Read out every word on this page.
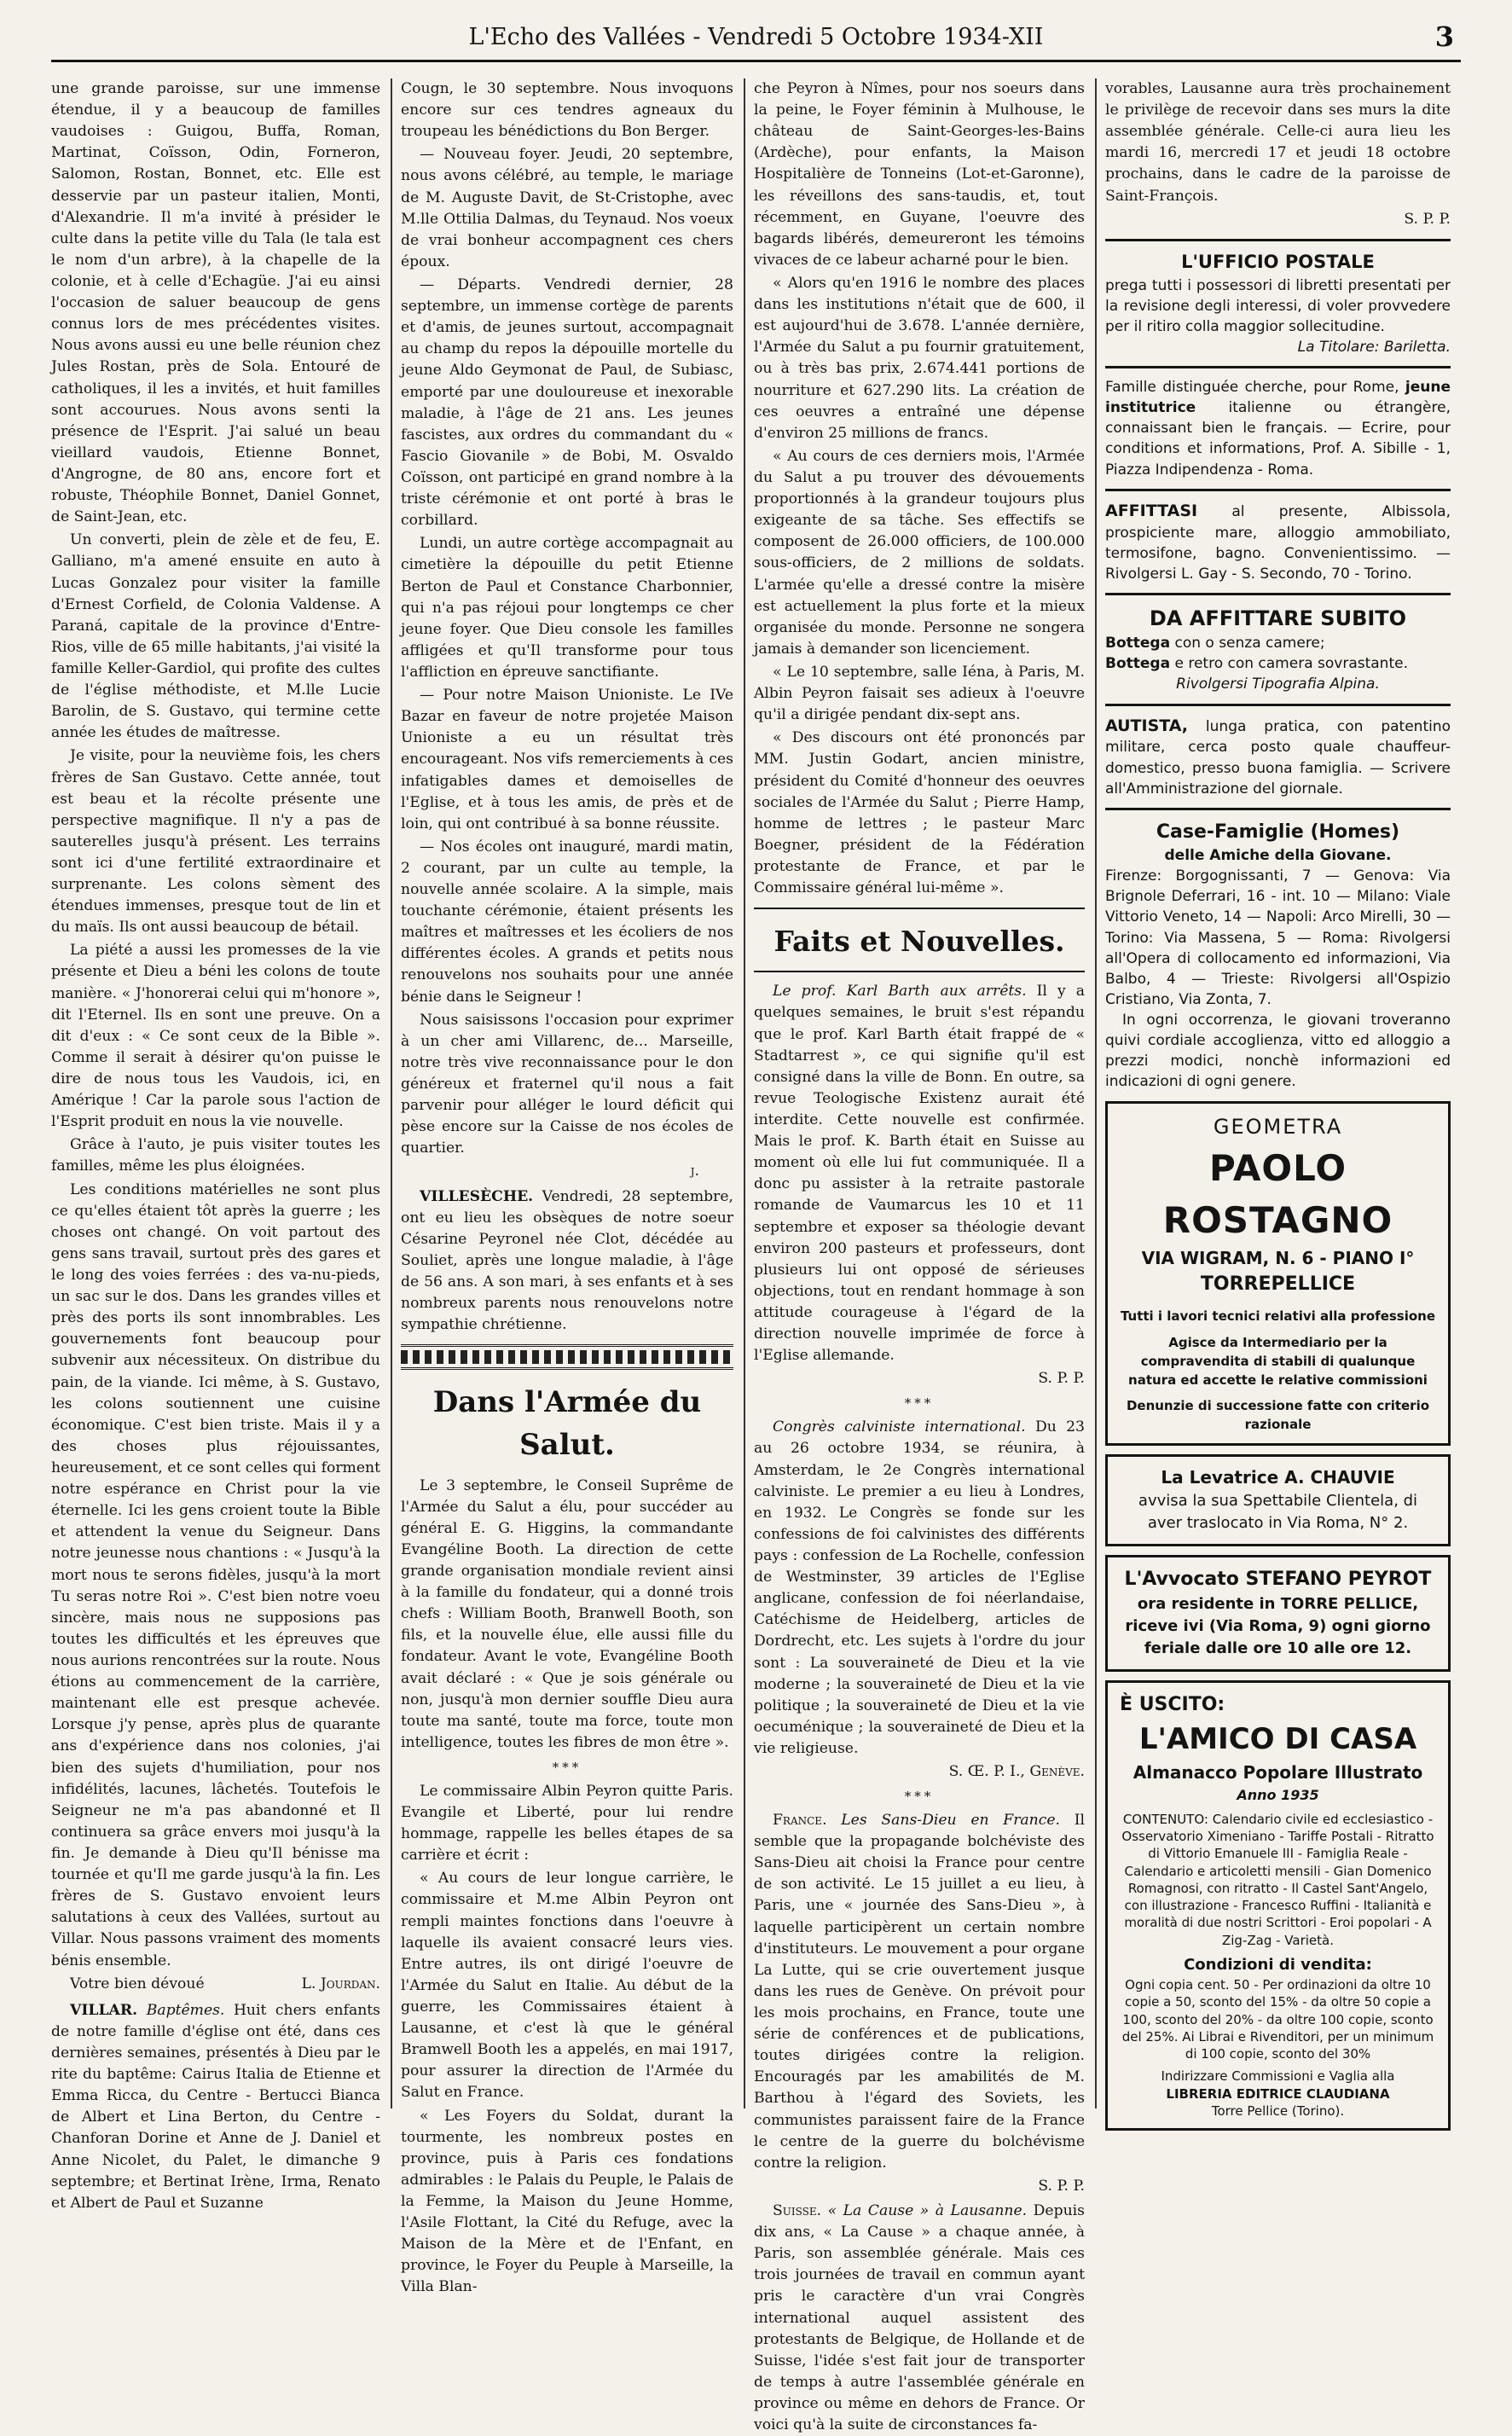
L'Echo des Vallées - Vendredi 5 Octobre 1934-XII	3

une grande paroisse, sur une immense étendue, il y a beaucoup de familles vaudoises : Guigou, Buffa, Roman, Martinat, Coïsson, Odin, Forneron, Salomon, Rostan, Bonnet, etc. Elle est desservie par un pasteur italien, Monti, d'Alexandrie. Il m'a invité à présider le culte dans la petite ville du Tala (le tala est le nom d'un arbre), à la chapelle de la colonie, et à celle d'Echagüe. J'ai eu ainsi l'occasion de saluer beaucoup de gens connus lors de mes précédentes visites. Nous avons aussi eu une belle réunion chez Jules Rostan, près de Sola. Entouré de catholiques, il les a invités, et huit familles sont accourues. Nous avons senti la présence de l'Esprit. J'ai salué un beau vieillard vaudois, Etienne Bonnet, d'Angrogne, de 80 ans, encore fort et robuste, Théophile Bonnet, Daniel Gonnet, de Saint-Jean, etc.

Un converti, plein de zèle et de feu, E. Galliano, m'a amené ensuite en auto à Lucas Gonzalez pour visiter la famille d'Ernest Corfield, de Colonia Valdense. A Paraná, capitale de la province d'Entre-Rios, ville de 65 mille habitants, j'ai visité la famille Keller-Gardiol, qui profite des cultes de l'église méthodiste, et M.lle Lucie Barolin, de S. Gustavo, qui termine cette année les études de maîtresse.

Je visite, pour la neuvième fois, les chers frères de San Gustavo. Cette année, tout est beau et la récolte présente une perspective magnifique. Il n'y a pas de sauterelles jusqu'à présent. Les terrains sont ici d'une fertilité extraordinaire et surprenante. Les colons sèment des étendues immenses, presque tout de lin et du maïs. Ils ont aussi beaucoup de bétail.

La piété a aussi les promesses de la vie présente et Dieu a béni les colons de toute manière. « J'honorerai celui qui m'honore », dit l'Eternel. Ils en sont une preuve. On a dit d'eux : « Ce sont ceux de la Bible ». Comme il serait à désirer qu'on puisse le dire de nous tous les Vaudois, ici, en Amérique ! Car la parole sous l'action de l'Esprit produit en nous la vie nouvelle.

Grâce à l'auto, je puis visiter toutes les familles, même les plus éloignées.

Les conditions matérielles ne sont plus ce qu'elles étaient tôt après la guerre ; les choses ont changé. On voit partout des gens sans travail, surtout près des gares et le long des voies ferrées : des va-nu-pieds, un sac sur le dos. Dans les grandes villes et près des ports ils sont innombrables. Les gouvernements font beaucoup pour subvenir aux nécessiteux. On distribue du pain, de la viande. Ici même, à S. Gustavo, les colons soutiennent une cuisine économique. C'est bien triste. Mais il y a des choses plus réjouissantes, heureusement, et ce sont celles qui forment notre espérance en Christ pour la vie éternelle. Ici les gens croient toute la Bible et attendent la venue du Seigneur. Dans notre jeunesse nous chantions : « Jusqu'à la mort nous te serons fidèles, jusqu'à la mort Tu seras notre Roi ». C'est bien notre voeu sincère, mais nous ne supposions pas toutes les difficultés et les épreuves que nous aurions rencontrées sur la route. Nous étions au commencement de la carrière, maintenant elle est presque achevée. Lorsque j'y pense, après plus de quarante ans d'expérience dans nos colonies, j'ai bien des sujets d'humiliation, pour nos infidélités, lacunes, lâchetés. Toutefois le Seigneur ne m'a pas abandonné et Il continuera sa grâce envers moi jusqu'à la fin. Je demande à Dieu qu'Il bénisse ma tournée et qu'Il me garde jusqu'à la fin. Les frères de S. Gustavo envoient leurs salutations à ceux des Vallées, surtout au Villar. Nous passons vraiment des moments bénis ensemble.

Votre bien dévoué	L. Jourdan.

VILLAR. Baptêmes. Huit chers enfants de notre famille d'église ont été, dans ces dernières semaines, présentés à Dieu par le rite du baptême: Cairus Italia de Etienne et Emma Ricca, du Centre - Bertucci Bianca de Albert et Lina Berton, du Centre - Chanforan Dorine et Anne de J. Daniel et Anne Nicolet, du Palet, le dimanche 9 septembre; et Bertinat Irène, Irma, Renato et Albert de Paul et Suzanne

Cougn, le 30 septembre. Nous invoquons encore sur ces tendres agneaux du troupeau les bénédictions du Bon Berger.

— Nouveau foyer. Jeudi, 20 septembre, nous avons célébré, au temple, le mariage de M. Auguste Davit, de St-Cristophe, avec M.lle Ottilia Dalmas, du Teynaud. Nos voeux de vrai bonheur accompagnent ces chers époux.

— Départs. Vendredi dernier, 28 septembre, un immense cortège de parents et d'amis, de jeunes surtout, accompagnait au champ du repos la dépouille mortelle du jeune Aldo Geymonat de Paul, de Subiasc, emporté par une douloureuse et inexorable maladie, à l'âge de 21 ans. Les jeunes fascistes, aux ordres du commandant du « Fascio Giovanile » de Bobi, M. Osvaldo Coïsson, ont participé en grand nombre à la triste cérémonie et ont porté à bras le corbillard.

Lundi, un autre cortège accompagnait au cimetière la dépouille du petit Etienne Berton de Paul et Constance Charbonnier, qui n'a pas réjoui pour longtemps ce cher jeune foyer. Que Dieu console les familles affligées et qu'Il transforme pour tous l'affliction en épreuve sanctifiante.

— Pour notre Maison Unioniste. Le IVe Bazar en faveur de notre projetée Maison Unioniste a eu un résultat très encourageant. Nos vifs remerciements à ces infatigables dames et demoiselles de l'Eglise, et à tous les amis, de près et de loin, qui ont contribué à sa bonne réussite.

— Nos écoles ont inauguré, mardi matin, 2 courant, par un culte au temple, la nouvelle année scolaire. A la simple, mais touchante cérémonie, étaient présents les maîtres et maîtresses et les écoliers de nos différentes écoles. A grands et petits nous renouvelons nos souhaits pour une année bénie dans le Seigneur !

Nous saisissons l'occasion pour exprimer à un cher ami Villarenc, de... Marseille, notre très vive reconnaissance pour le don généreux et fraternel qu'il nous a fait parvenir pour alléger le lourd déficit qui pèse encore sur la Caisse de nos écoles de quartier.

j.

VILLESÈCHE. Vendredi, 28 septembre, ont eu lieu les obsèques de notre soeur Césarine Peyronel née Clot, décédée au Souliet, après une longue maladie, à l'âge de 56 ans. A son mari, à ses enfants et à ses nombreux parents nous renouvelons notre sympathie chrétienne.

Dans l'Armée du Salut.

Le 3 septembre, le Conseil Suprême de l'Armée du Salut a élu, pour succéder au général E. G. Higgins, la commandante Evangéline Booth. La direction de cette grande organisation mondiale revient ainsi à la famille du fondateur, qui a donné trois chefs : William Booth, Branwell Booth, son fils, et la nouvelle élue, elle aussi fille du fondateur. Avant le vote, Evangéline Booth avait déclaré : « Que je sois générale ou non, jusqu'à mon dernier souffle Dieu aura toute ma santé, toute ma force, toute mon intelligence, toutes les fibres de mon être ».

***

Le commissaire Albin Peyron quitte Paris. Evangile et Liberté, pour lui rendre hommage, rappelle les belles étapes de sa carrière et écrit :

« Au cours de leur longue carrière, le commissaire et M.me Albin Peyron ont rempli maintes fonctions dans l'oeuvre à laquelle ils avaient consacré leurs vies. Entre autres, ils ont dirigé l'oeuvre de l'Armée du Salut en Italie. Au début de la guerre, les Commissaires étaient à Lausanne, et c'est là que le général Bramwell Booth les a appelés, en mai 1917, pour assurer la direction de l'Armée du Salut en France.

« Les Foyers du Soldat, durant la tourmente, les nombreux postes en province, puis à Paris ces fondations admirables : le Palais du Peuple, le Palais de la Femme, la Maison du Jeune Homme, l'Asile Flottant, la Cité du Refuge, avec la Maison de la Mère et de l'Enfant, en province, le Foyer du Peuple à Marseille, la Villa Blan-

che Peyron à Nîmes, pour nos soeurs dans la peine, le Foyer féminin à Mulhouse, le château de Saint-Georges-les-Bains (Ardèche), pour enfants, la Maison Hospitalière de Tonneins (Lot-et-Garonne), les réveillons des sans-taudis, et, tout récemment, en Guyane, l'oeuvre des bagards libérés, demeureront les témoins vivaces de ce labeur acharné pour le bien.

« Alors qu'en 1916 le nombre des places dans les institutions n'était que de 600, il est aujourd'hui de 3.678. L'année dernière, l'Armée du Salut a pu fournir gratuitement, ou à très bas prix, 2.674.441 portions de nourriture et 627.290 lits. La création de ces oeuvres a entraîné une dépense d'environ 25 millions de francs.

« Au cours de ces derniers mois, l'Armée du Salut a pu trouver des dévouements proportionnés à la grandeur toujours plus exigeante de sa tâche. Ses effectifs se composent de 26.000 officiers, de 100.000 sous-officiers, de 2 millions de soldats. L'armée qu'elle a dressé contre la misère est actuellement la plus forte et la mieux organisée du monde. Personne ne songera jamais à demander son licenciement.

« Le 10 septembre, salle Iéna, à Paris, M. Albin Peyron faisait ses adieux à l'oeuvre qu'il a dirigée pendant dix-sept ans.

« Des discours ont été prononcés par MM. Justin Godart, ancien ministre, président du Comité d'honneur des oeuvres sociales de l'Armée du Salut ; Pierre Hamp, homme de lettres ; le pasteur Marc Boegner, président de la Fédération protestante de France, et par le Commissaire général lui-même ».

Faits et Nouvelles.

Le prof. Karl Barth aux arrêts. Il y a quelques semaines, le bruit s'est répandu que le prof. Karl Barth était frappé de « Stadtarrest », ce qui signifie qu'il est consigné dans la ville de Bonn. En outre, sa revue Teologische Existenz aurait été interdite. Cette nouvelle est confirmée. Mais le prof. K. Barth était en Suisse au moment où elle lui fut communiquée. Il a donc pu assister à la retraite pastorale romande de Vaumarcus les 10 et 11 septembre et exposer sa théologie devant environ 200 pasteurs et professeurs, dont plusieurs lui ont opposé de sérieuses objections, tout en rendant hommage à son attitude courageuse à l'égard de la direction nouvelle imprimée de force à l'Eglise allemande.

S. P. P.
***

Congrès calviniste international. Du 23 au 26 octobre 1934, se réunira, à Amsterdam, le 2e Congrès international calviniste. Le premier a eu lieu à Londres, en 1932. Le Congrès se fonde sur les confessions de foi calvinistes des différents pays : confession de La Rochelle, confession de Westminster, 39 articles de l'Eglise anglicane, confession de foi néerlandaise, Catéchisme de Heidelberg, articles de Dordrecht, etc. Les sujets à l'ordre du jour sont : La souveraineté de Dieu et la vie moderne ; la souveraineté de Dieu et la vie politique ; la souveraineté de Dieu et la vie oecuménique ; la souveraineté de Dieu et la vie religieuse.

S. Œ. P. I., Genève.
***

France. Les Sans-Dieu en France. Il semble que la propagande bolchéviste des Sans-Dieu ait choisi la France pour centre de son activité. Le 15 juillet a eu lieu, à Paris, une « journée des Sans-Dieu », à laquelle participèrent un certain nombre d'instituteurs. Le mouvement a pour organe La Lutte, qui se crie ouvertement jusque dans les rues de Genève. On prévoit pour les mois prochains, en France, toute une série de conférences et de publications, toutes dirigées contre la religion. Encouragés par les amabilités de M. Barthou à l'égard des Soviets, les communistes paraissent faire de la France le centre de la guerre du bolchévisme contre la religion.

S. P. P.

Suisse. « La Cause » à Lausanne. Depuis dix ans, « La Cause » a chaque année, à Paris, son assemblée générale. Mais ces trois journées de travail en commun ayant pris le caractère d'un vrai Congrès international auquel assistent des protestants de Belgique, de Hollande et de Suisse, l'idée s'est fait jour de transporter de temps à autre l'assemblée générale en province ou même en dehors de France. Or voici qu'à la suite de circonstances fa-

vorables, Lausanne aura très prochainement le privilège de recevoir dans ses murs la dite assemblée générale. Celle-ci aura lieu les mardi 16, mercredi 17 et jeudi 18 octobre prochains, dans le cadre de la paroisse de Saint-François.

S. P. P.
L'UFFICIO POSTALE
prega tutti i possessori di libretti presentati per la revisione degli interessi, di voler provvedere per il ritiro colla maggior sollecitudine.
La Titolare: Bariletta.
Famille distinguée cherche, pour Rome, jeune institutrice italienne ou étrangère, connaissant bien le français. — Ecrire, pour conditions et informations, Prof. A. Sibille - 1, Piazza Indipendenza - Roma.
AFFITTASI al presente, Albissola, prospiciente mare, alloggio ammobiliato, termosifone, bagno. Convenientissimo. — Rivolgersi L. Gay - S. Secondo, 70 - Torino.
DA AFFITTARE SUBITO
Bottega con o senza camere;
Bottega e retro con camera sovrastante.
Rivolgersi Tipografia Alpina.
AUTISTA, lunga pratica, con patentino militare, cerca posto quale chauffeur-domestico, presso buona famiglia. — Scrivere all'Amministrazione del giornale.
Case-Famiglie (Homes)
delle Amiche della Giovane.
Firenze: Borgognissanti, 7 — Genova: Via Brignole Deferrari, 16 - int. 10 — Milano: Viale Vittorio Veneto, 14 — Napoli: Arco Mirelli, 30 — Torino: Via Massena, 5 — Roma: Rivolgersi all'Opera di collocamento ed informazioni, Via Balbo, 4 — Trieste: Rivolgersi all'Ospizio Cristiano, Via Zonta, 7.
In ogni occorrenza, le giovani troveranno quivi cordiale accoglienza, vitto ed alloggio a prezzi modici, nonchè informazioni ed indicazioni di ogni genere.
GEOMETRA
PAOLO ROSTAGNO
VIA WIGRAM, N. 6 - PIANO I°
TORREPELLICE
Tutti i lavori tecnici relativi alla professione
Agisce da Intermediario per la compravendita di stabili di qualunque natura ed accette le relative commissioni
Denunzie di successione fatte con criterio razionale
La Levatrice A. CHAUVIE
avvisa la sua Spettabile Clientela, di aver traslocato in Via Roma, N° 2.
L'Avvocato STEFANO PEYROT
ora residente in TORRE PELLICE, riceve ivi (Via Roma, 9) ogni giorno feriale dalle ore 10 alle ore 12.
È USCITO:
L'AMICO DI CASA
Almanacco Popolare Illustrato
Anno 1935
CONTENUTO: Calendario civile ed ecclesiastico - Osservatorio Ximeniano - Tariffe Postali - Ritratto di Vittorio Emanuele III - Famiglia Reale - Calendario e articoletti mensili - Gian Domenico Romagnosi, con ritratto - Il Castel Sant'Angelo, con illustrazione - Francesco Ruffini - Italianità e moralità di due nostri Scrittori - Eroi popolari - A Zig-Zag - Varietà.
Condizioni di vendita:
Ogni copia cent. 50 - Per ordinazioni da oltre 10 copie a 50, sconto del 15% - da oltre 50 copie a 100, sconto del 20% - da oltre 100 copie, sconto del 25%. Ai Librai e Rivenditori, per un minimum di 100 copie, sconto del 30%
Indirizzare Commissioni e Vaglia alla
LIBRERIA EDITRICE CLAUDIANA
Torre Pellice (Torino).
